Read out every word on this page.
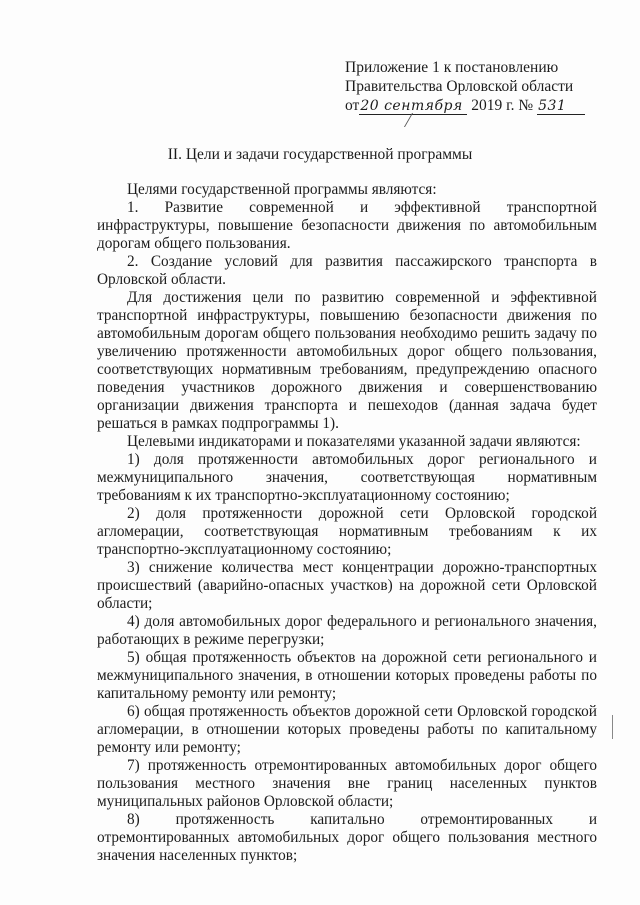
Приложение 1 к постановлению
Правительства Орловской области
от20 сентября 2019 г. № 531
II. Цели и задачи государственной программы

Целями государственной программы являются:

1. Развитие современной и эффективной транспортной инфраструктуры, повышение безопасности движения по автомобильным дорогам общего пользования.

2. Создание условий для развития пассажирского транспорта в Орловской области.

Для достижения цели по развитию современной и эффективной транспортной инфраструктуры, повышению безопасности движения по автомобильным дорогам общего пользования необходимо решить задачу по увеличению протяженности автомобильных дорог общего пользования, соответствующих нормативным требованиям, предупреждению опасного поведения участников дорожного движения и совершенствованию организации движения транспорта и пешеходов (данная задача будет решаться в рамках подпрограммы 1).

Целевыми индикаторами и показателями указанной задачи являются:

1) доля протяженности автомобильных дорог регионального и межмуниципального значения, соответствующая нормативным требованиям к их транспортно-эксплуатационному состоянию;

2) доля протяженности дорожной сети Орловской городской агломерации, соответствующая нормативным требованиям к их транспортно-эксплуатационному состоянию;

3) снижение количества мест концентрации дорожно-транспортных происшествий (аварийно-опасных участков) на дорожной сети Орловской области;

4) доля автомобильных дорог федерального и регионального значения, работающих в режиме перегрузки;

5) общая протяженность объектов на дорожной сети регионального и межмуниципального значения, в отношении которых проведены работы по капитальному ремонту или ремонту;

6) общая протяженность объектов дорожной сети Орловской городской агломерации, в отношении которых проведены работы по капитальному ремонту или ремонту;

7) протяженность отремонтированных автомобильных дорог общего пользования местного значения вне границ населенных пунктов муниципальных районов Орловской области;

8) протяженность капитально отремонтированных и отремонтированных автомобильных дорог общего пользования местного значения населенных пунктов;
